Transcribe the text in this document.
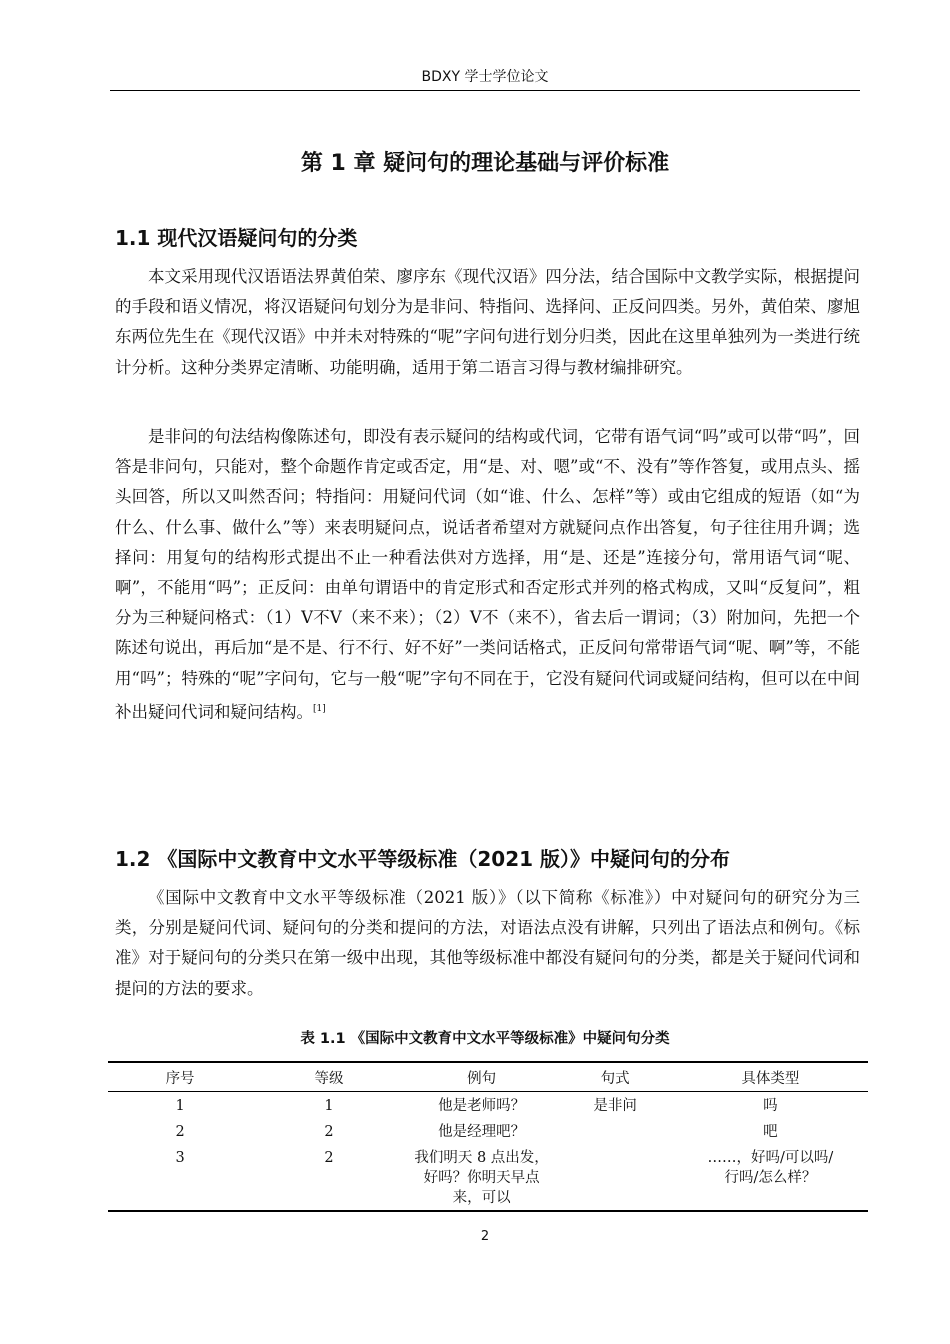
BDXY 学士学位论文
第 1 章 疑问句的理论基础与评价标准
1.1 现代汉语疑问句的分类

本文采用现代汉语语法界黄伯荣、廖序东《现代汉语》四分法，结合国际中文教学实际，根据提问的手段和语义情况，将汉语疑问句划分为是非问、特指问、选择问、正反问四类。另外，黄伯荣、廖旭东两位先生在《现代汉语》中并未对特殊的“呢”字问句进行划分归类，因此在这里单独列为一类进行统计分析。这种分类界定清晰、功能明确，适用于第二语言习得与教材编排研究。

是非问的句法结构像陈述句，即没有表示疑问的结构或代词，它带有语气词“吗”或可以带“吗”，回答是非问句，只能对，整个命题作肯定或否定，用“是、对、嗯”或“不、没有”等作答复，或用点头、摇头回答，所以又叫然否问；特指问：用疑问代词（如“谁、什么、怎样”等）或由它组成的短语（如“为什么、什么事、做什么”等）来表明疑问点，说话者希望对方就疑问点作出答复，句子往往用升调；选择问：用复句的结构形式提出不止一种看法供对方选择，用“是、还是”连接分句，常用语气词“呢、啊”，不能用“吗”；正反问：由单句谓语中的肯定形式和否定形式并列的格式构成，又叫“反复问”，粗分为三种疑问格式：（1）V不V（来不来）；（2）V不（来不），省去后一谓词；（3）附加问，先把一个陈述句说出，再后加“是不是、行不行、好不好”一类问话格式，正反问句常带语气词“呢、啊”等，不能用“吗”；特殊的“呢”字问句，它与一般“呢”字句不同在于，它没有疑问代词或疑问结构，但可以在中间补出疑问代词和疑问结构。[1]

1.2 《国际中文教育中文水平等级标准（2021 版）》中疑问句的分布

《国际中文教育中文水平等级标准（2021 版）》（以下简称《标准》）中对疑问句的研究分为三类，分别是疑问代词、疑问句的分类和提问的方法，对语法点没有讲解，只列出了语法点和例句。《标准》对于疑问句的分类只在第一级中出现，其他等级标准中都没有疑问句的分类，都是关于疑问代词和提问的方法的要求。

表 1.1 《国际中文教育中文水平等级标准》中疑问句分类
序号	等级	例句	句式	具体类型
1	1	他是老师吗？	是非问	吗
2	2	他是经理吧？		吧
3	2	我们明天 8 点出发，好吗？你明天早点来，可以		……，好吗/可以吗/行吗/怎么样？
2
